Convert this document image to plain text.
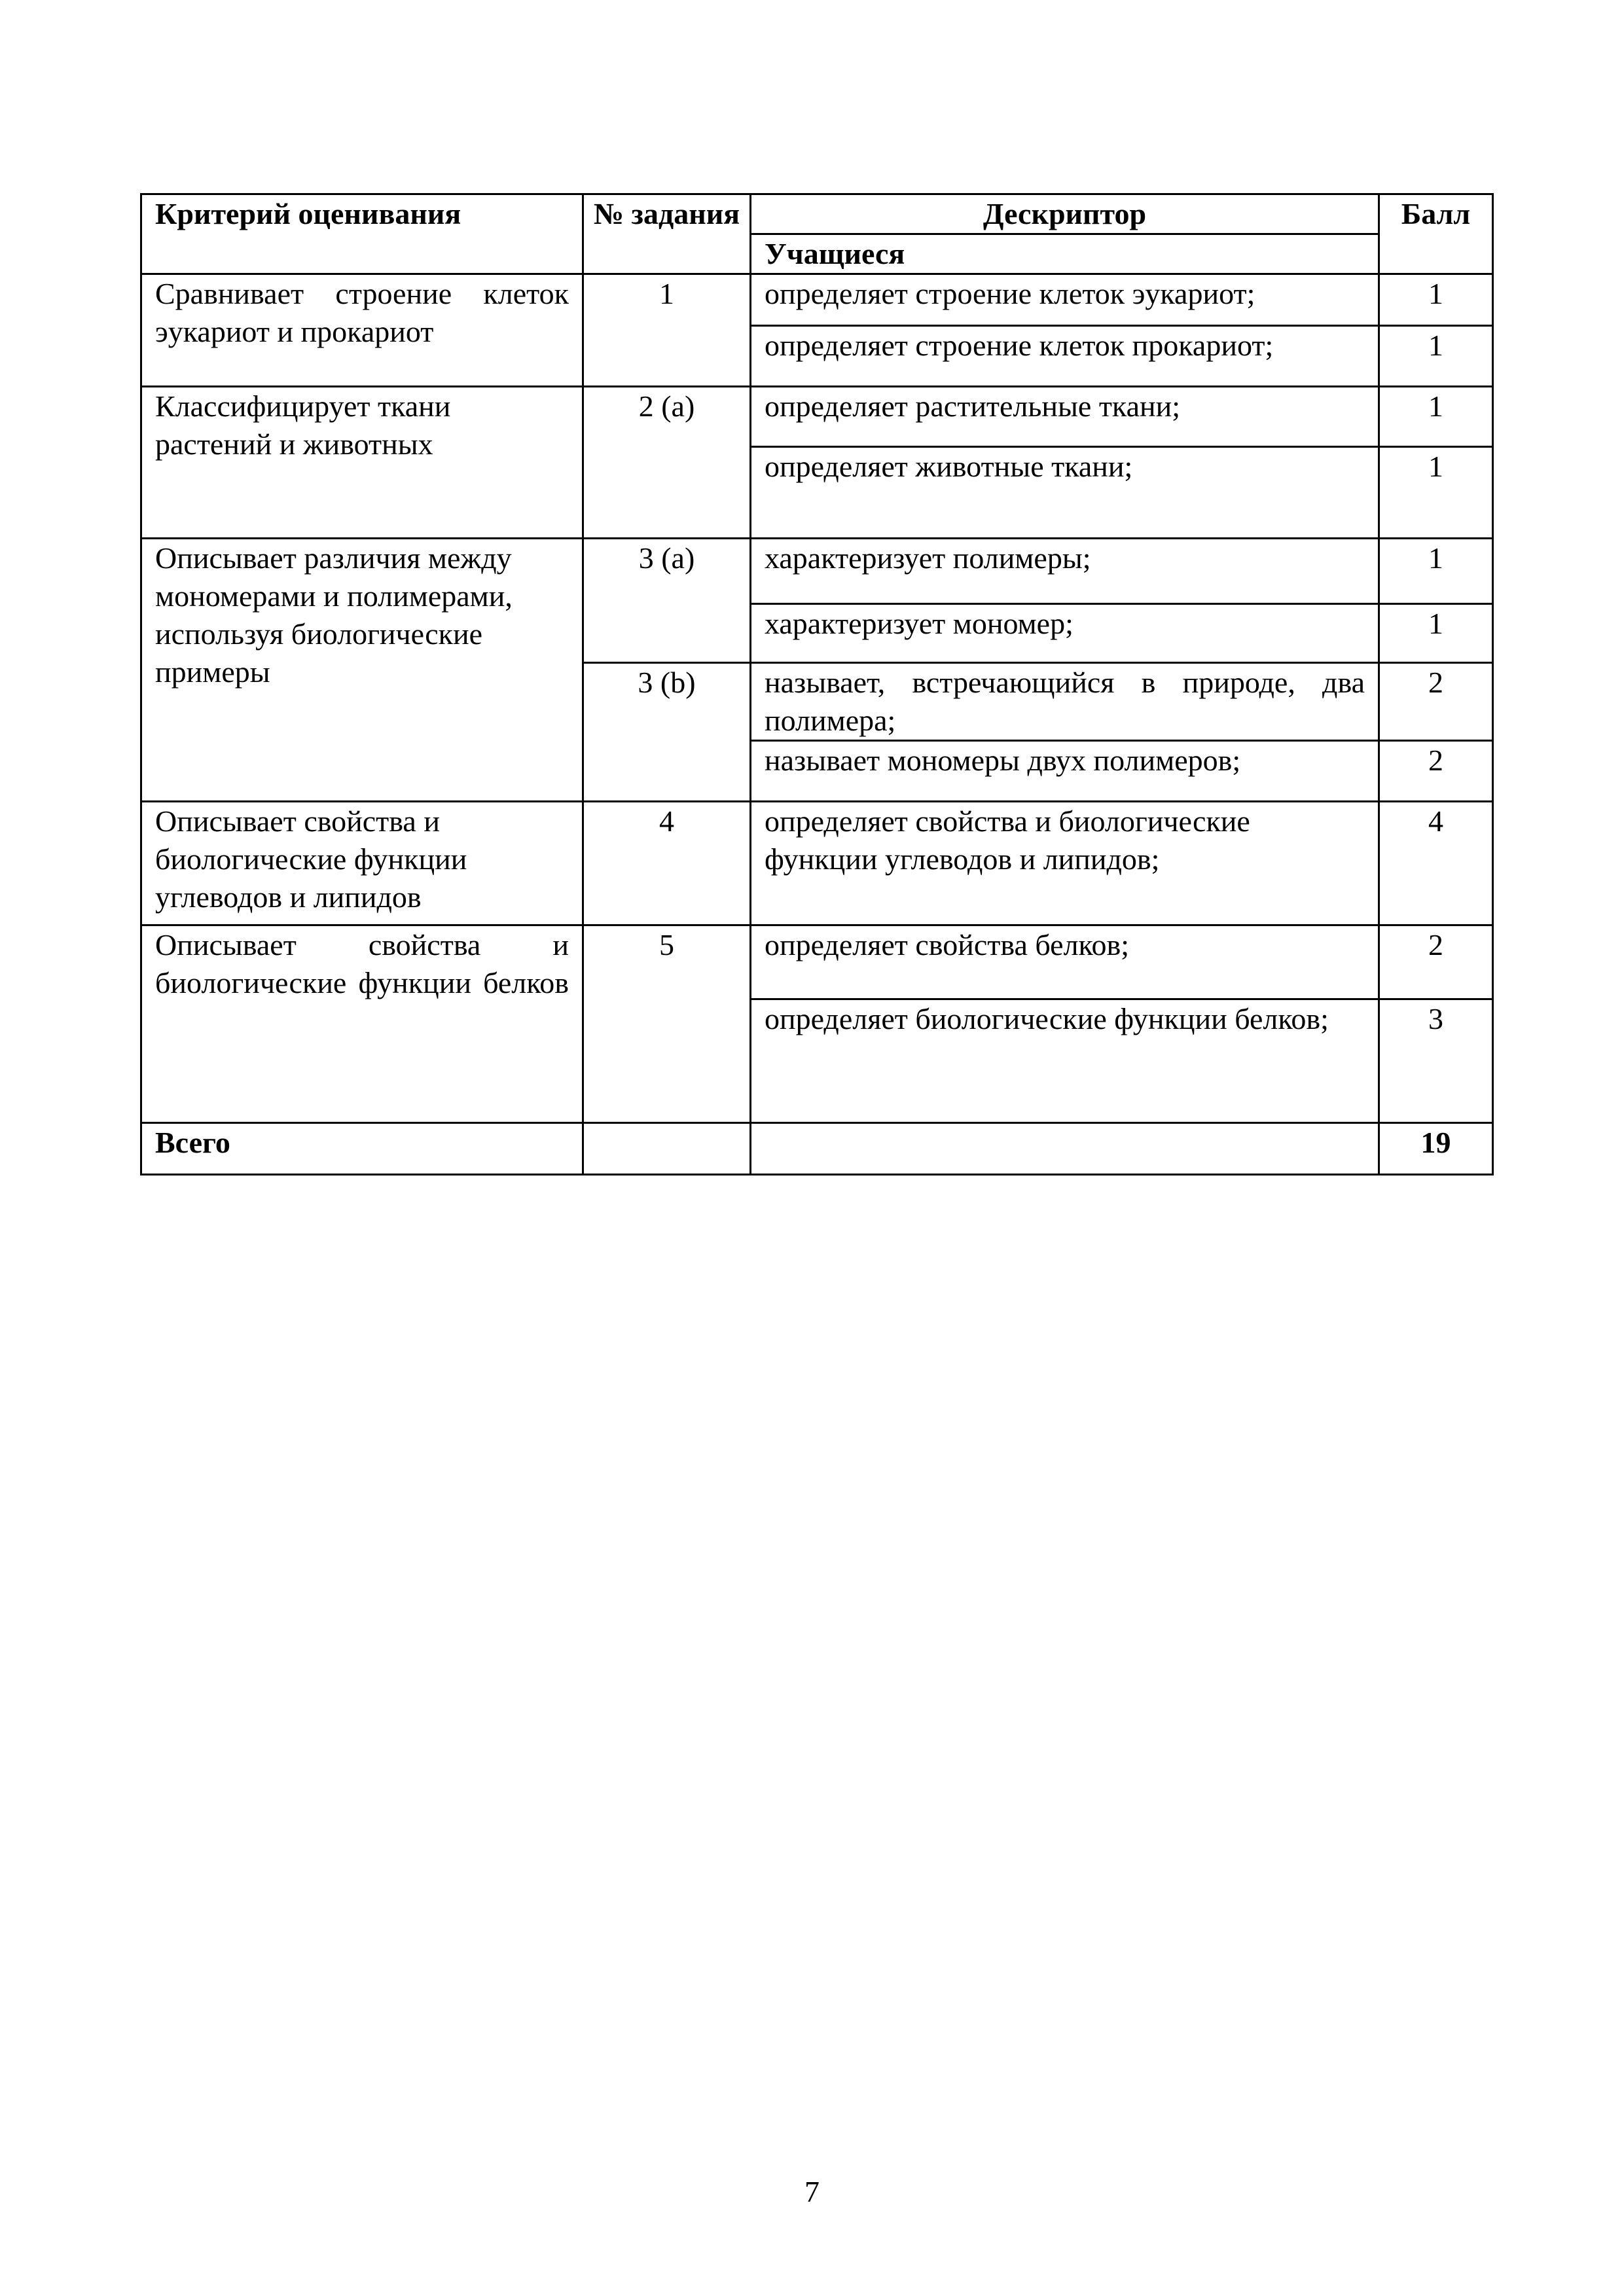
Критерий оценивания	№ задания	Дескриптор	Балл
		Учащиеся	
Сравнивает строение клеток эукариот и прокариот	1	определяет строение клеток эукариот;	1
		определяет строение клеток прокариот;	1
Классифицирует ткани растений и животных	2 (a)	определяет растительные ткани;	1
		определяет животные ткани;	1
Описывает различия между мономерами и полимерами, используя биологические примеры	3 (a)	характеризует полимеры;	1
		характеризует мономер;	1
	3 (b)	называет, встречающийся в природе, два полимера;	2
		называет мономеры двух полимеров;	2
Описывает свойства и биологические функции углеводов и липидов	4	определяет свойства и биологические функции углеводов и липидов;	4
Описывает свойства и биологические функции белков	5	определяет свойства белков;	2
		определяет биологические функции белков;	3
Всего			19
7
